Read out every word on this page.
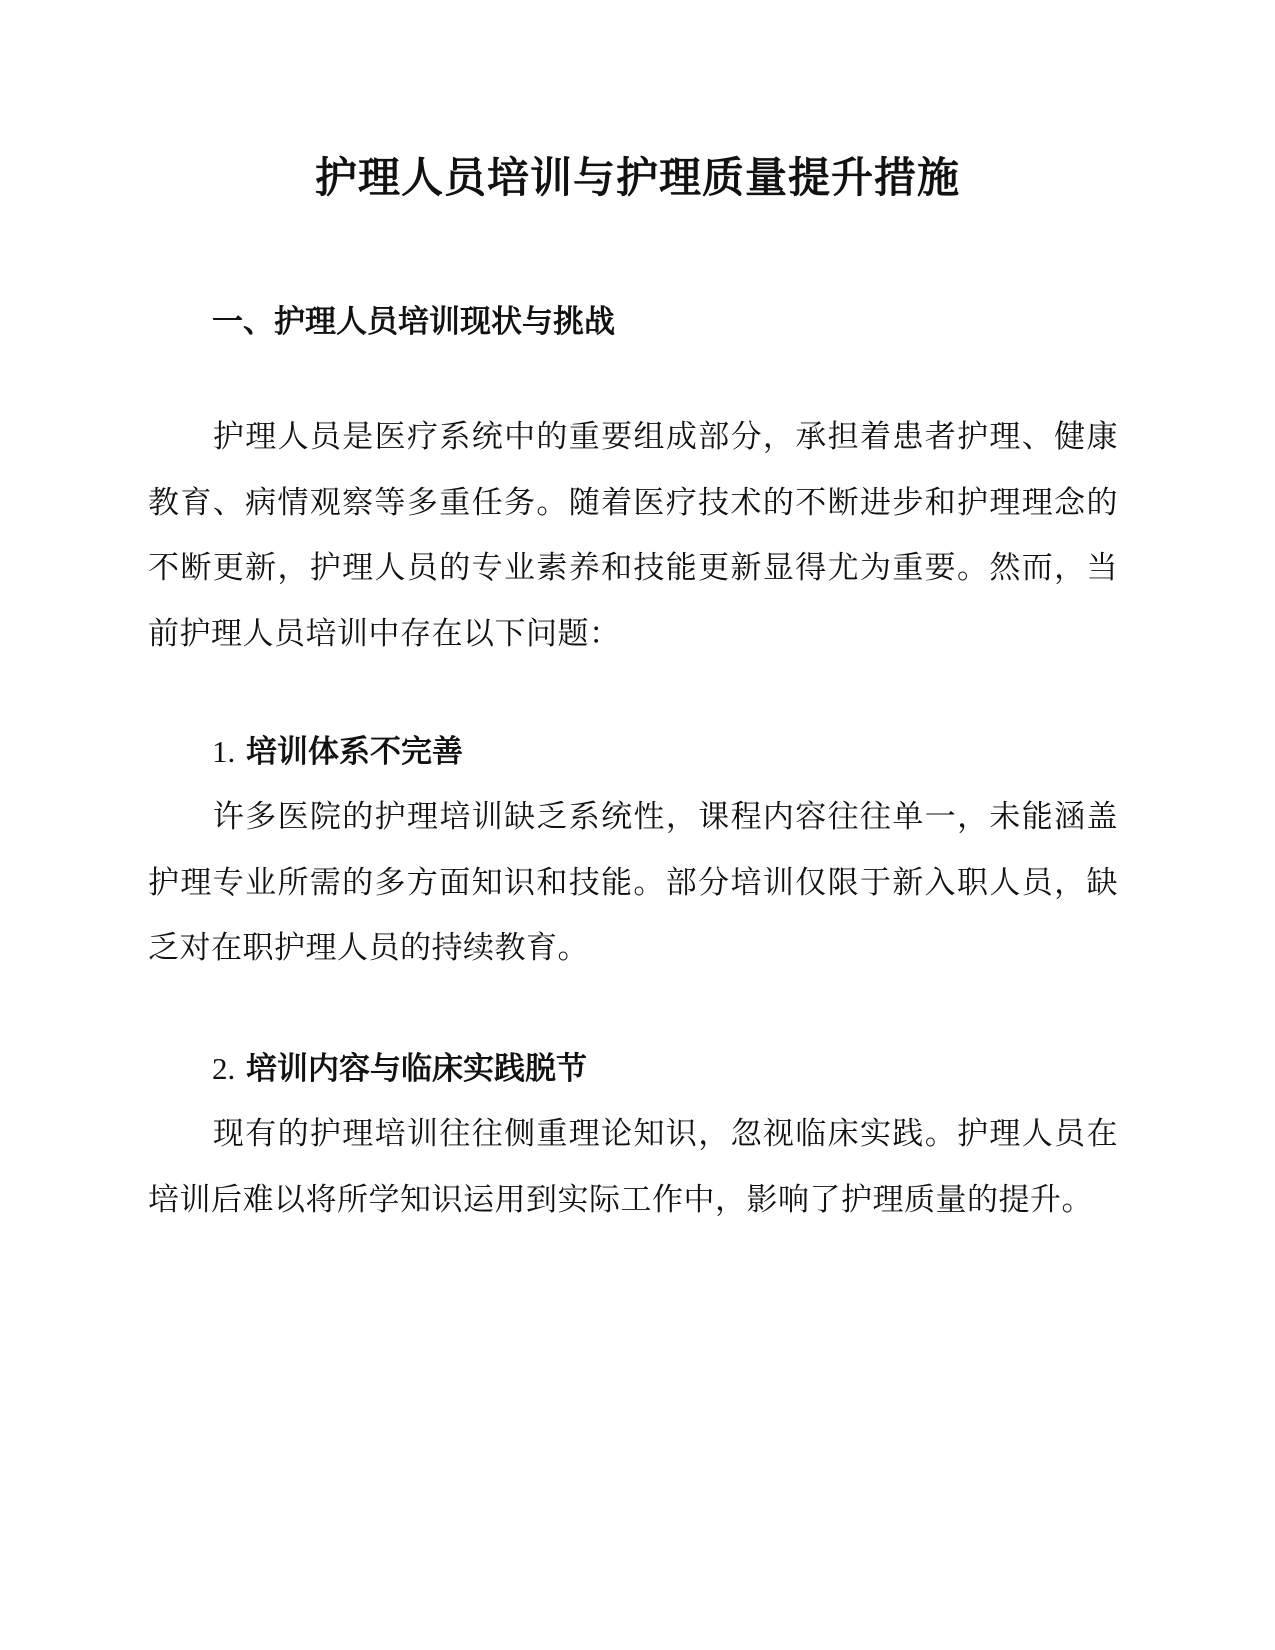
护理人员培训与护理质量提升措施
一、护理人员培训现状与挑战

护理人员是医疗系统中的重要组成部分，承担着患者护理、健康教育、病情观察等多重任务。随着医疗技术的不断进步和护理理念的不断更新，护理人员的专业素养和技能更新显得尤为重要。然而，当前护理人员培训中存在以下问题：

1. 培训体系不完善

许多医院的护理培训缺乏系统性，课程内容往往单一，未能涵盖护理专业所需的多方面知识和技能。部分培训仅限于新入职人员，缺乏对在职护理人员的持续教育。

2. 培训内容与临床实践脱节

现有的护理培训往往侧重理论知识，忽视临床实践。护理人员在培训后难以将所学知识运用到实际工作中，影响了护理质量的提升。
